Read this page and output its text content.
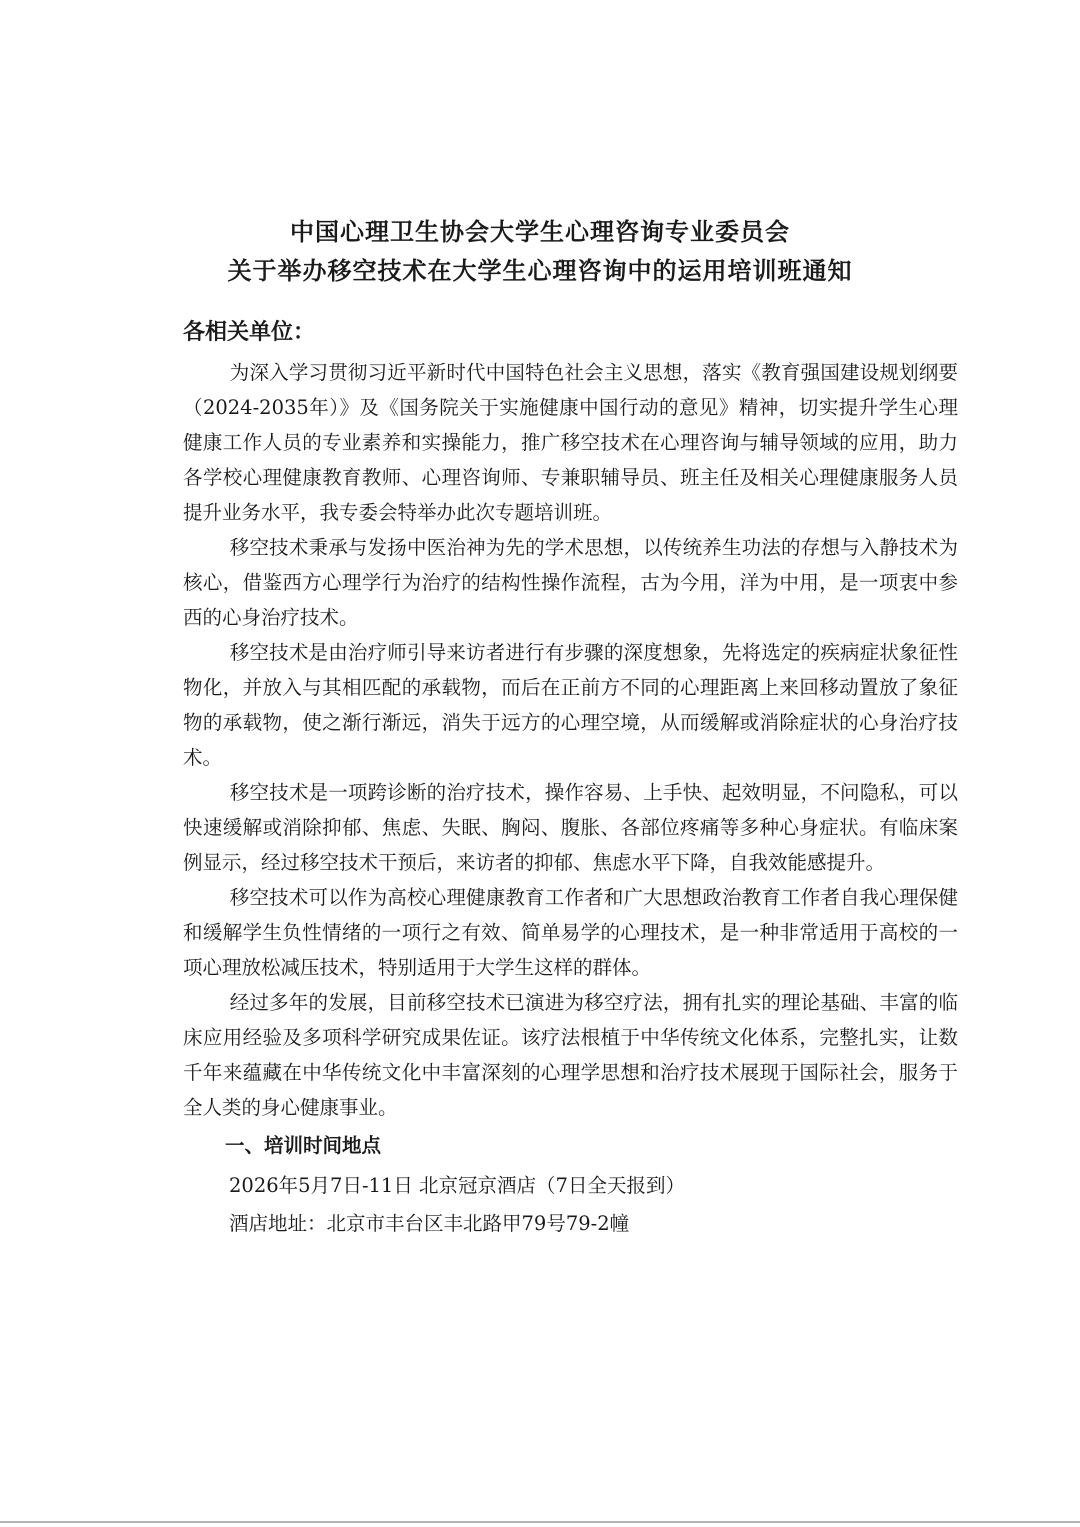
中国心理卫生协会大学生心理咨询专业委员会
关于举办移空技术在大学生心理咨询中的运用培训班通知

各相关单位：

为深入学习贯彻习近平新时代中国特色社会主义思想，落实《教育强国建设规划纲要（2024-2035年）》及《国务院关于实施健康中国行动的意见》精神，切实提升学生心理健康工作人员的专业素养和实操能力，推广移空技术在心理咨询与辅导领域的应用，助力各学校心理健康教育教师、心理咨询师、专兼职辅导员、班主任及相关心理健康服务人员提升业务水平，我专委会特举办此次专题培训班。

移空技术秉承与发扬中医治神为先的学术思想，以传统养生功法的存想与入静技术为核心，借鉴西方心理学行为治疗的结构性操作流程，古为今用，洋为中用，是一项衷中参西的心身治疗技术。

移空技术是由治疗师引导来访者进行有步骤的深度想象，先将选定的疾病症状象征性物化，并放入与其相匹配的承载物，而后在正前方不同的心理距离上来回移动置放了象征物的承载物，使之渐行渐远，消失于远方的心理空境，从而缓解或消除症状的心身治疗技术。

移空技术是一项跨诊断的治疗技术，操作容易、上手快、起效明显，不问隐私，可以快速缓解或消除抑郁、焦虑、失眠、胸闷、腹胀、各部位疼痛等多种心身症状。有临床案例显示，经过移空技术干预后，来访者的抑郁、焦虑水平下降，自我效能感提升。

移空技术可以作为高校心理健康教育工作者和广大思想政治教育工作者自我心理保健和缓解学生负性情绪的一项行之有效、简单易学的心理技术，是一种非常适用于高校的一项心理放松减压技术，特别适用于大学生这样的群体。

经过多年的发展，目前移空技术已演进为移空疗法，拥有扎实的理论基础、丰富的临床应用经验及多项科学研究成果佐证。该疗法根植于中华传统文化体系，完整扎实，让数千年来蕴藏在中华传统文化中丰富深刻的心理学思想和治疗技术展现于国际社会，服务于全人类的身心健康事业。

一、培训时间地点

2026年5月7日-11日 北京冠京酒店（7日全天报到）

酒店地址：北京市丰台区丰北路甲79号79-2幢
